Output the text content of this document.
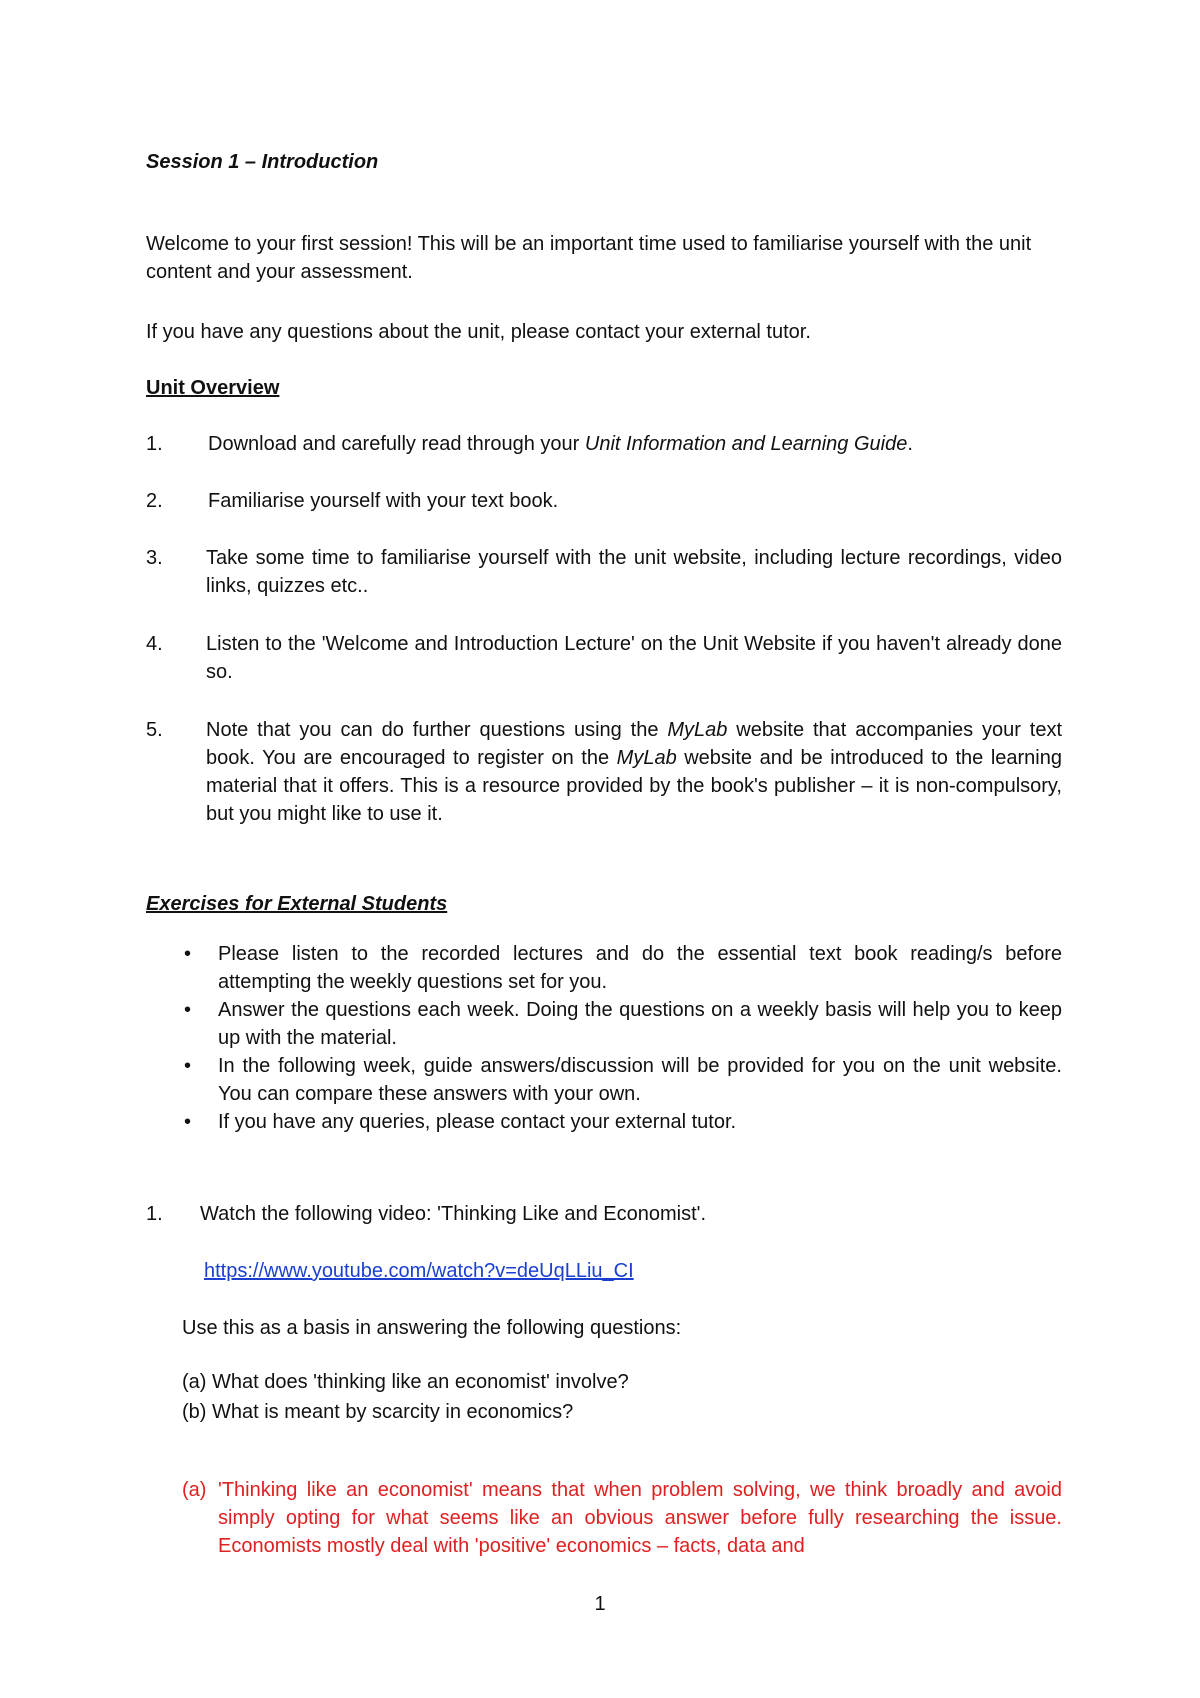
Session 1 – Introduction
Welcome to your first session! This will be an important time used to familiarise yourself with the unit content and your assessment.
If you have any questions about the unit, please contact your external tutor.
Unit Overview
1.	Download and carefully read through your Unit Information and Learning Guide.
2.	Familiarise yourself with your text book.
3.	Take some time to familiarise yourself with the unit website, including lecture recordings, video links, quizzes etc..
4.	Listen to the 'Welcome and Introduction Lecture' on the Unit Website if you haven't already done so.
5.	Note that you can do further questions using the MyLab website that accompanies your text book. You are encouraged to register on the MyLab website and be introduced to the learning material that it offers. This is a resource provided by the book's publisher – it is non-compulsory, but you might like to use it.
Exercises for External Students
• Please listen to the recorded lectures and do the essential text book reading/s before attempting the weekly questions set for you.
• Answer the questions each week. Doing the questions on a weekly basis will help you to keep up with the material.
• In the following week, guide answers/discussion will be provided for you on the unit website. You can compare these answers with your own.
• If you have any queries, please contact your external tutor.
1. Watch the following video: 'Thinking Like and Economist'.
https://www.youtube.com/watch?v=deUqLLiu_CI
Use this as a basis in answering the following questions:
(a) What does 'thinking like an economist' involve?
(b) What is meant by scarcity in economics?
(a) 'Thinking like an economist' means that when problem solving, we think broadly and avoid simply opting for what seems like an obvious answer before fully researching the issue. Economists mostly deal with 'positive' economics – facts, data and
1
